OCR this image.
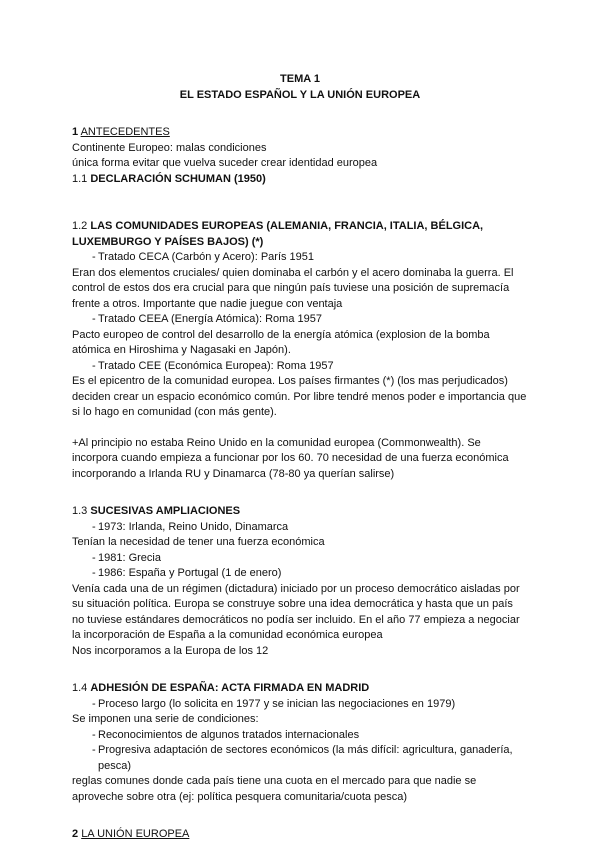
TEMA 1

EL ESTADO ESPAÑOL Y LA UNIÓN EUROPEA

1 ANTECEDENTES

Continente Europeo: malas condiciones

única forma evitar que vuelva suceder crear identidad europea

1.1 DECLARACIÓN SCHUMAN (1950)

1.2 LAS COMUNIDADES EUROPEAS (ALEMANIA, FRANCIA, ITALIA, BÉLGICA, LUXEMBURGO Y PAÍSES BAJOS) (*)

- Tratado CECA (Carbón y Acero): París 1951

Eran dos elementos cruciales/ quien dominaba el carbón y el acero dominaba la guerra. El control de estos dos era crucial para que ningún país tuviese una posición de supremacía frente a otros. Importante que nadie juegue con ventaja

- Tratado CEEA (Energía Atómica): Roma 1957

Pacto europeo de control del desarrollo de la energía atómica (explosion de la bomba atómica en Hiroshima y Nagasaki en Japón).

- Tratado CEE (Económica Europea): Roma 1957

Es el epicentro de la comunidad europea. Los países firmantes (*) (los mas perjudicados) deciden crear un espacio económico común. Por libre tendré menos poder e importancia que si lo hago en comunidad (con más gente).

+Al principio no estaba Reino Unido en la comunidad europea (Commonwealth). Se incorpora cuando empieza a funcionar por los 60. 70 necesidad de una fuerza económica incorporando a Irlanda RU y Dinamarca (78-80 ya querían salirse)

1.3 SUCESIVAS AMPLIACIONES

- 1973: Irlanda, Reino Unido, Dinamarca

Tenían la necesidad de tener una fuerza económica

- 1981: Grecia
- 1986: España y Portugal (1 de enero)

Venía cada una de un régimen (dictadura) iniciado por un proceso democrático aisladas por su situación política. Europa se construye sobre una idea democrática y hasta que un país no tuviese estándares democráticos no podía ser incluido. En el año 77 empieza a negociar la incorporación de España a la comunidad económica europea

Nos incorporamos a la Europa de los 12

1.4 ADHESIÓN DE ESPAÑA: ACTA FIRMADA EN MADRID

- Proceso largo (lo solicita en 1977 y se inician las negociaciones en 1979)

Se imponen una serie de condiciones:

- Reconocimientos de algunos tratados internacionales
- Progresiva adaptación de sectores económicos (la más difícil: agricultura, ganadería, pesca)

reglas comunes donde cada país tiene una cuota en el mercado para que nadie se aproveche sobre otra (ej: política pesquera comunitaria/cuota pesca)

2 LA UNIÓN EUROPEA
